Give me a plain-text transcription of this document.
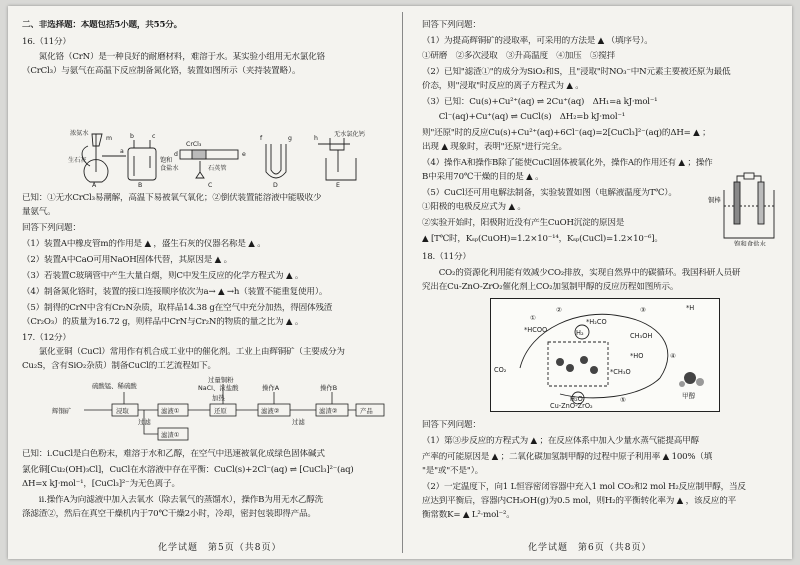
二、非选择题：本题包括5小题，共55分。
16.（11分）
　　氮化铬（CrN）是一种良好的耐磨材料，难溶于水。某实验小组用无水氯化铬
（CrCl₃）与氨气在高温下反应制备氮化铬，装置如图所示（夹持装置略）。
已知：①无水CrCl₃易潮解，高温下易被氧气氧化；②倒伏装置能溶液中能吸收少
量氨气。
回答下列问题：
（1）装置A中橡皮管m的作用是 ▲ ，盛生石灰的仪器名称是 ▲ 。
（2）装置A中CaO可用NaOH固体代替，其原因是 ▲ 。
（3）若装置C玻璃管中产生大量白烟，则C中发生反应的化学方程式为 ▲ 。
（4）制备氮化铬时，装置的接口连接顺序依次为a→ ▲ →h（装置不能重复使用）。
（5）制得的CrN中含有Cr₂N杂质，取样品14.38 g在空气中充分加热，得固体残渣
（Cr₂O₃）的质量为16.72 g，则样品中CrN与Cr₂N的物质的量之比为 ▲ 。
17.（12分）
　　氯化亚铜（CuCl）常用作有机合成工业中的催化剂。工业上由辉铜矿（主要成分为
Cu₂S，含有SiO₂杂质）制备CuCl的工艺流程如下。
已知：ⅰ.CuCl是白色粉末，难溶于水和乙醇，在空气中迅速被氧化成绿色固体碱式
氯化铜[Cu₂(OH)₃Cl]，CuCl在水溶液中存在平衡：CuCl(s)+2Cl⁻(aq) ⇌ [CuCl₃]²⁻(aq)
ΔH=x kJ·mol⁻¹，[CuCl₃]²⁻为无色离子。
　　ⅱ.操作A为向滤液中加入去氧水（除去氧气的蒸馏水），操作B为用无水乙醇洗
涤滤渣②，然后在真空干燥机内于70℃干燥2小时，冷却，密封包装即得产品。
浓氨水
m
生石灰
a
b	c
B
饱和
食盐水
CrCl₃
石英管
d	e
f	g	h
C	D
无水氯化钙
E
A
过量铜粉
NaCl、浓盐酸	操作A	操作B
加热
硫酸锰、稀硫酸
辉铜矿	浸取	滤液①	还原	滤液②	滤渣②	产品
过滤
过滤
滤渣①
化学试题　第5页（共8页）
回答下列问题：
（1）为提高辉铜矿的浸取率，可采用的方法是 ▲ （填序号）。
①研磨　②多次浸取　③升高温度　④加压　⑤搅拌
（2）已知"滤渣①"的成分为SiO₂和S，且"浸取"时NO₃⁻中N元素主要被还原为最低
价态，则"浸取"时反应的离子方程式为 ▲ 。
（3）已知：Cu(s)+Cu²⁺(aq) ⇌ 2Cu⁺(aq)　ΔH₁=a kJ·mol⁻¹
　　Cl⁻(aq)+Cu⁺(aq) ⇌ CuCl(s)　ΔH₂=b kJ·mol⁻¹
则"还原"时的反应Cu(s)+Cu²⁺(aq)+6Cl⁻(aq)=2[CuCl₃]²⁻(aq)的ΔH= ▲ ；
出现 ▲ 现象时，表明"还原"进行完全。
（4）操作A和操作B除了能使CuCl固体被氧化外，操作A的作用还有 ▲ ；操作
B中采用70℃干燥的目的是 ▲ 。
（5）CuCl还可用电解法制备，实验装置如图（电解液温度为T℃）。
①阳极的电极反应式为 ▲ 。
②实验开始时，阳极附近没有产生CuOH沉淀的原因是
▲ [T℃时，Kₛₚ(CuOH)=1.2×10⁻¹⁴，Kₛₚ(CuCl)=1.2×10⁻⁶]。
18.（11分）
　　CO₂的资源化利用能有效减少CO₂排放，实现自然界中的碳循环。我国科研人员研
究出在Cu-ZnO-ZrO₂催化剂上CO₂加氢制甲醇的反应历程如图所示。
回答下列问题：
（1）第③步反应的方程式为 ▲ ；在反应体系中加入少量水蒸气能提高甲醇
产率的可能原因是 ▲ ；二氧化碳加氢制甲醇的过程中原子利用率 ▲ 100%（填
"是"或"不是"）。
（2）一定温度下，向1 L恒容密闭容器中充入1 mol CO₂和2 mol H₂反应制甲醇，当反
应达到平衡后，容器内CH₃OH(g)为0.5 mol，则H₂的平衡转化率为 ▲ ，该反应的平
衡常数K= ▲ L²·mol⁻²。
铜棒
饱和食盐水
①
②	③
④
⑤
*HCOO
*H₂CO
*H
CO₂
CH₃OH
*HO
*CH₃O
H₂
H₂O	甲醇
Cu-ZnO-ZrO₂
化学试题　第6页（共8页）
